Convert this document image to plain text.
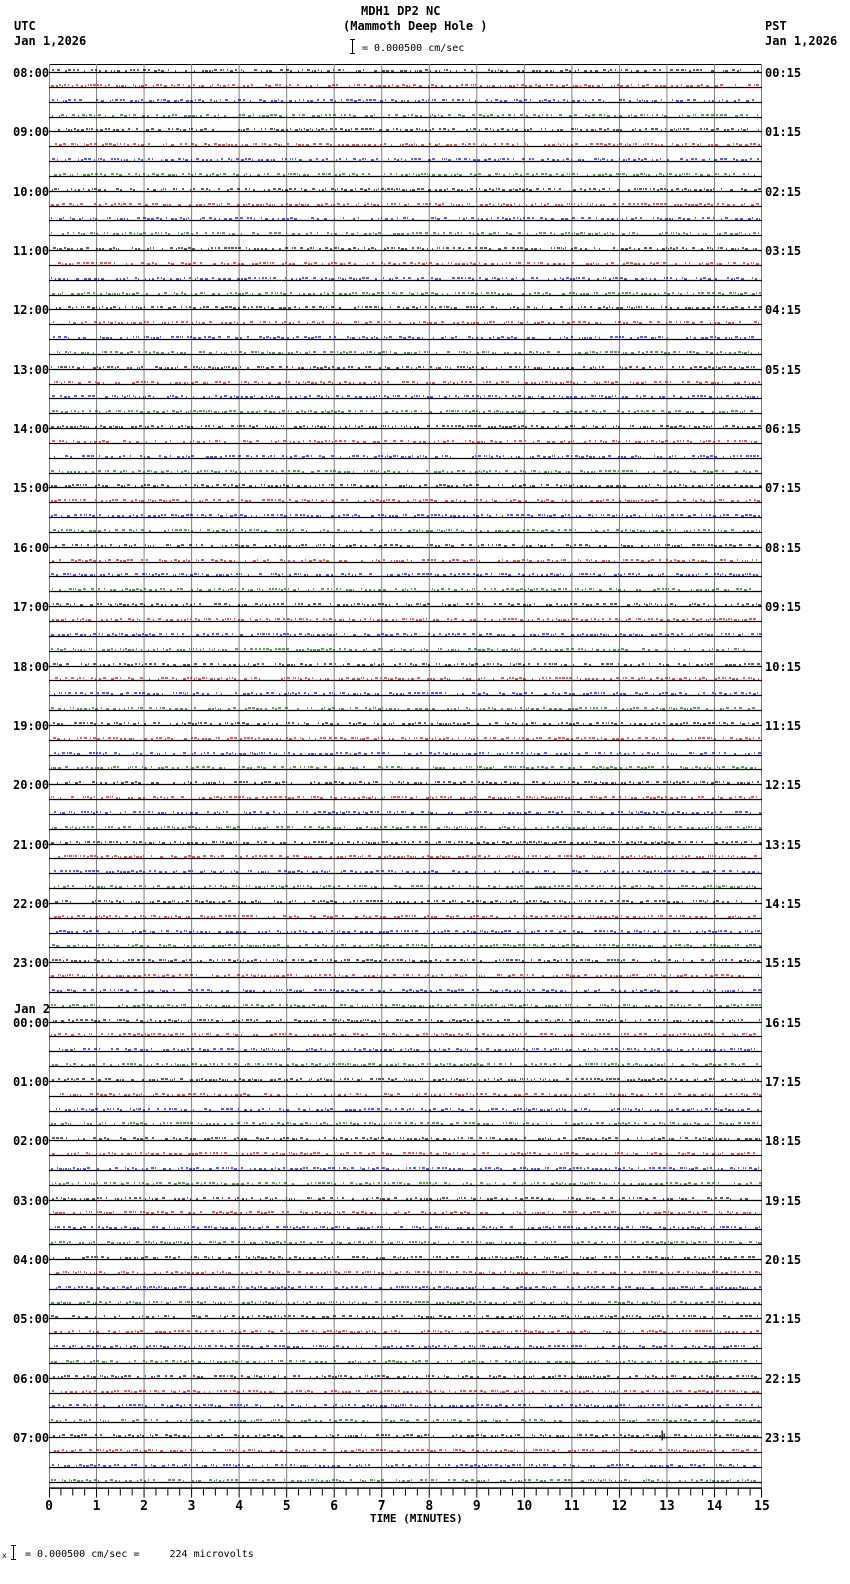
MDH1 DP2 NC
(Mammoth Deep Hole )
UTC
Jan 1,2026
PST
Jan 1,2026
= 0.000500 cm/sec
08:00
09:00
10:00
11:00
12:00
13:00
14:00
15:00
16:00
17:00
18:00
19:00
20:00
21:00
22:00
23:00
00:00
01:00
02:00
03:00
04:00
05:00
06:00
07:00
00:15
01:15
02:15
03:15
04:15
05:15
06:15
07:15
08:15
09:15
10:15
11:15
12:15
13:15
14:15
15:15
16:15
17:15
18:15
19:15
20:15
21:15
22:15
23:15
Jan 2
0	1	2	3	4	5	6	7	8	9	10 11 12 13 14 15
TIME (MINUTES)
x = 0.000500 cm/sec =     224 microvolts
